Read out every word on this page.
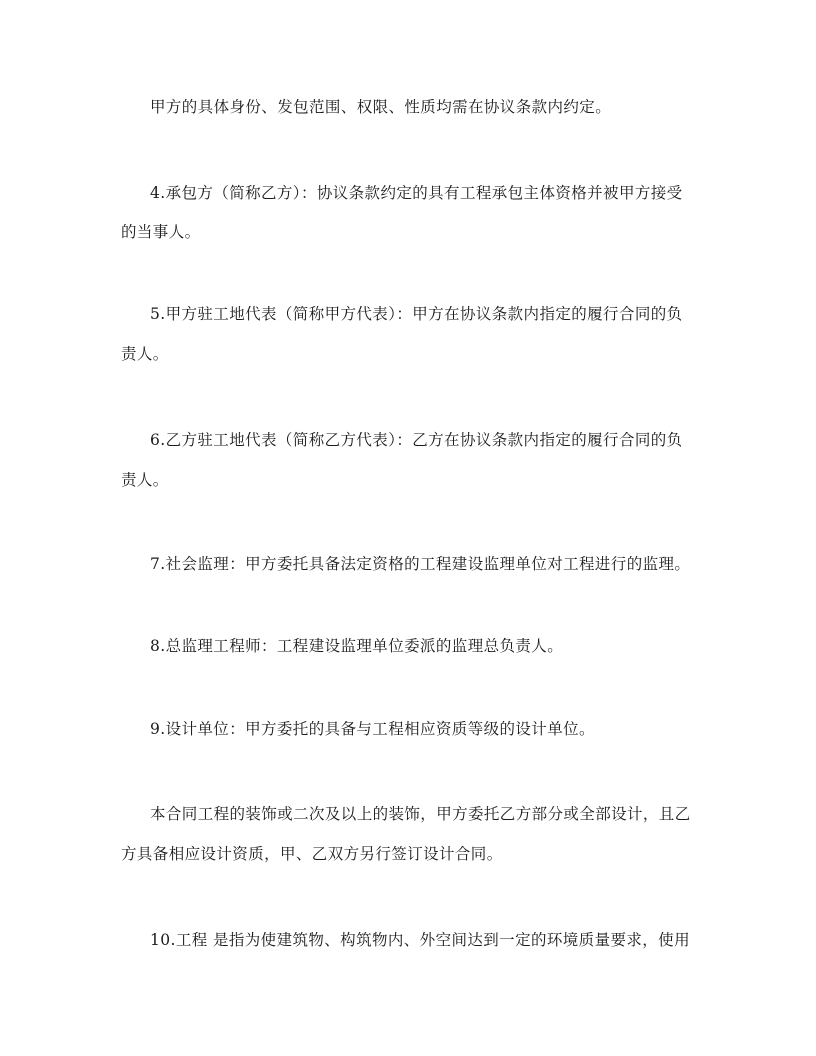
甲方的具体身份、发包范围、权限、性质均需在协议条款内约定。
4.承包方（简称乙方）：协议条款约定的具有工程承包主体资格并被甲方接受
的当事人。
5.甲方驻工地代表（简称甲方代表）：甲方在协议条款内指定的履行合同的负
责人。
6.乙方驻工地代表（简称乙方代表）：乙方在协议条款内指定的履行合同的负
责人。
7.社会监理：甲方委托具备法定资格的工程建设监理单位对工程进行的监理。
8.总监理工程师：工程建设监理单位委派的监理总负责人。
9.设计单位：甲方委托的具备与工程相应资质等级的设计单位。
本合同工程的装饰或二次及以上的装饰，甲方委托乙方部分或全部设计，且乙
方具备相应设计资质，甲、乙双方另行签订设计合同。
10.工程 是指为使建筑物、构筑物内、外空间达到一定的环境质量要求，使用
